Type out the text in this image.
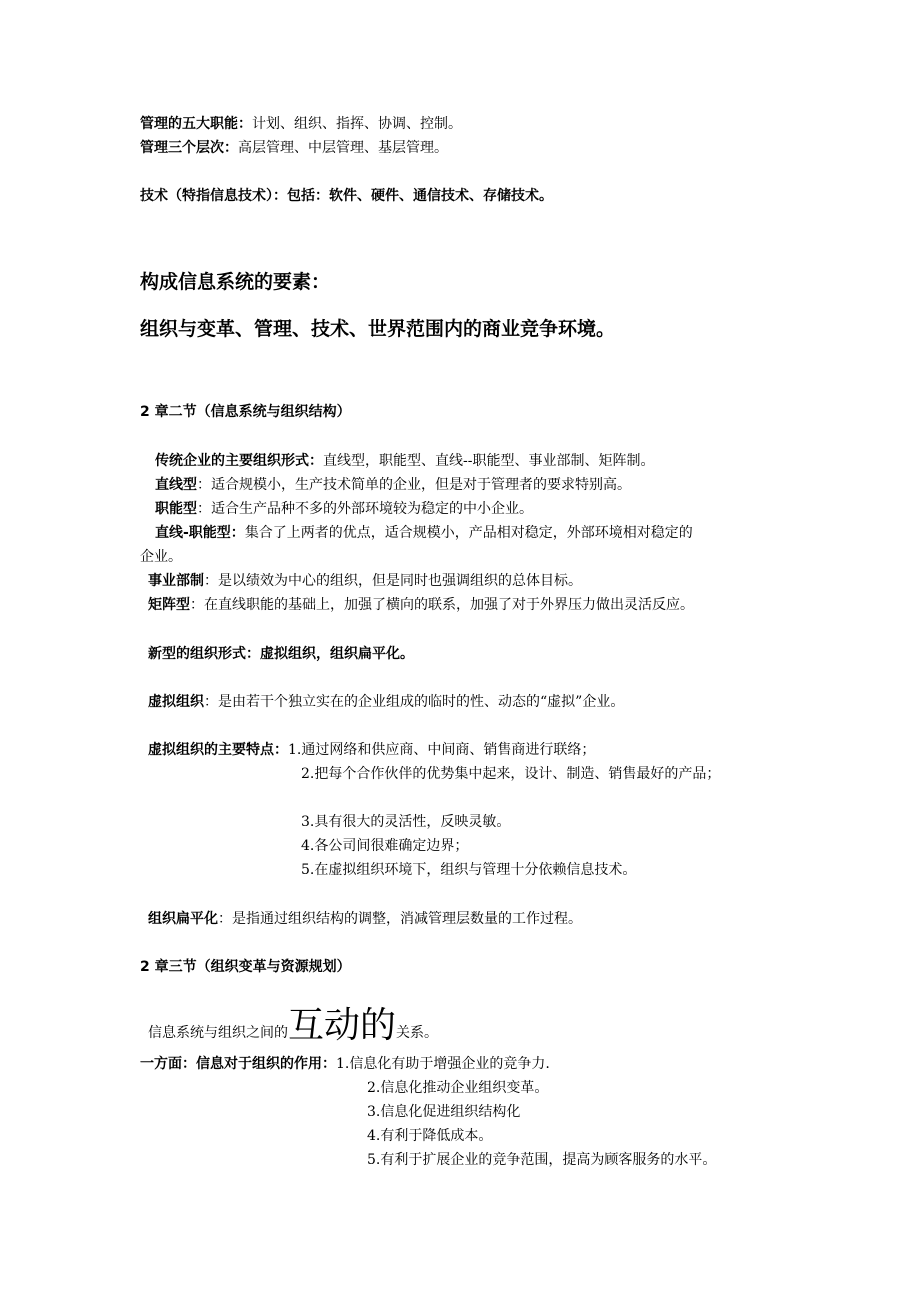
管理的五大职能：计划、组织、指挥、协调、控制。
管理三个层次：高层管理、中层管理、基层管理。
技术（特指信息技术）：包括：软件、硬件、通信技术、存储技术。
构成信息系统的要素：
组织与变革、管理、技术、世界范围内的商业竞争环境。
2 章二节（信息系统与组织结构）
传统企业的主要组织形式：直线型，职能型、直线--职能型、事业部制、矩阵制。
直线型：适合规模小，生产技术简单的企业，但是对于管理者的要求特别高。
职能型：适合生产品种不多的外部环境较为稳定的中小企业。
直线-职能型：集合了上两者的优点，适合规模小，产品相对稳定，外部环境相对稳定的
企业。
事业部制：是以绩效为中心的组织，但是同时也强调组织的总体目标。
矩阵型：在直线职能的基础上，加强了横向的联系，加强了对于外界压力做出灵活反应。
新型的组织形式：虚拟组织，组织扁平化。
虚拟组织：是由若干个独立实在的企业组成的临时的性、动态的“虚拟”企业。
虚拟组织的主要特点：1.通过网络和供应商、中间商、销售商进行联络；
2.把每个合作伙伴的优势集中起来，设计、制造、销售最好的产品；
3.具有很大的灵活性，反映灵敏。
4.各公司间很难确定边界；
5.在虚拟组织环境下，组织与管理十分依赖信息技术。
组织扁平化：是指通过组织结构的调整，消减管理层数量的工作过程。
2 章三节（组织变革与资源规划）
信息系统与组织之间的互动的关系。
一方面：信息对于组织的作用：1.信息化有助于增强企业的竞争力.
2.信息化推动企业组织变革。
3.信息化促进组织结构化
4.有利于降低成本。
5.有利于扩展企业的竞争范围，提高为顾客服务的水平。
